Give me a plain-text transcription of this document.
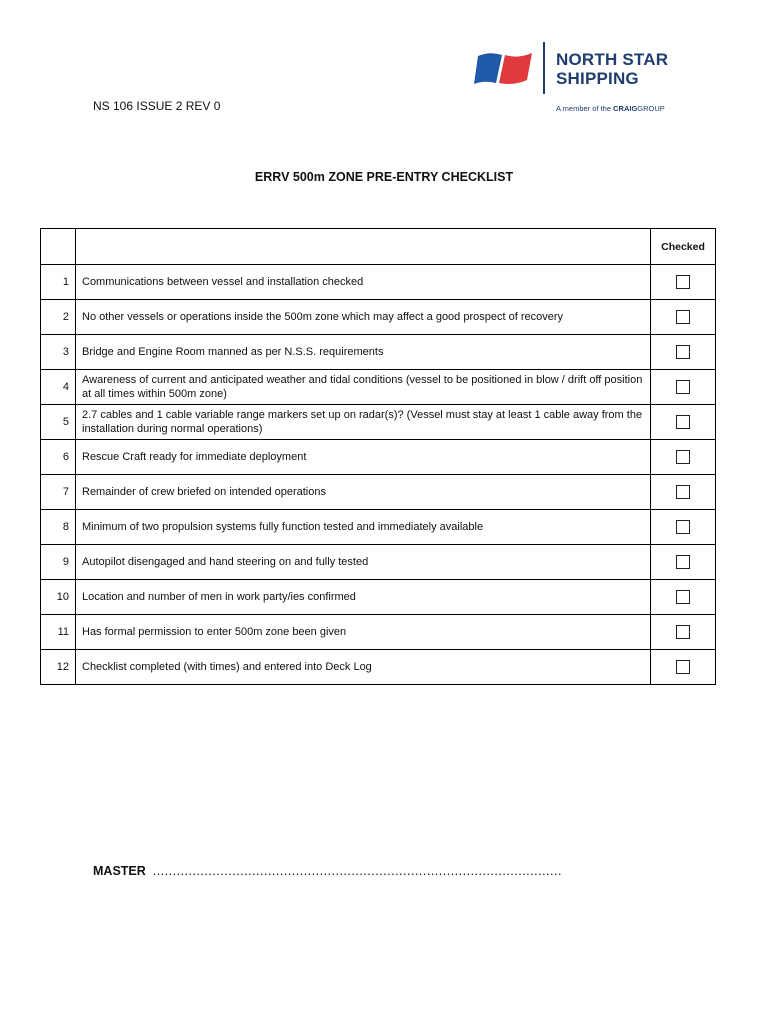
NORTH STAR
SHIPPING
A member of the CRAIGGROUP
NS 106 ISSUE 2 REV 0
ERRV 500m ZONE PRE-ENTRY CHECKLIST
		Checked
1	Communications between vessel and installation checked	
2	No other vessels or operations inside the 500m zone which may affect a good prospect of recovery	
3	Bridge and Engine Room manned as per N.S.S. requirements	
4	Awareness of current and anticipated weather and tidal conditions (vessel to be positioned in blow / drift off position at all times within 500m zone)	
5	2.7 cables and 1 cable variable range markers set up on radar(s)? (Vessel must stay at least 1 cable away from the installation during normal operations)	
6	Rescue Craft ready for immediate deployment	
7	Remainder of crew briefed on intended operations	
8	Minimum of two propulsion systems fully function tested and immediately available	
9	Autopilot disengaged and hand steering on and fully tested	
10	Location and number of men in work party/ies confirmed	
11	Has formal permission to enter 500m zone been given	
12	Checklist completed (with times) and entered into Deck Log	
MASTER .......................................................................................................
